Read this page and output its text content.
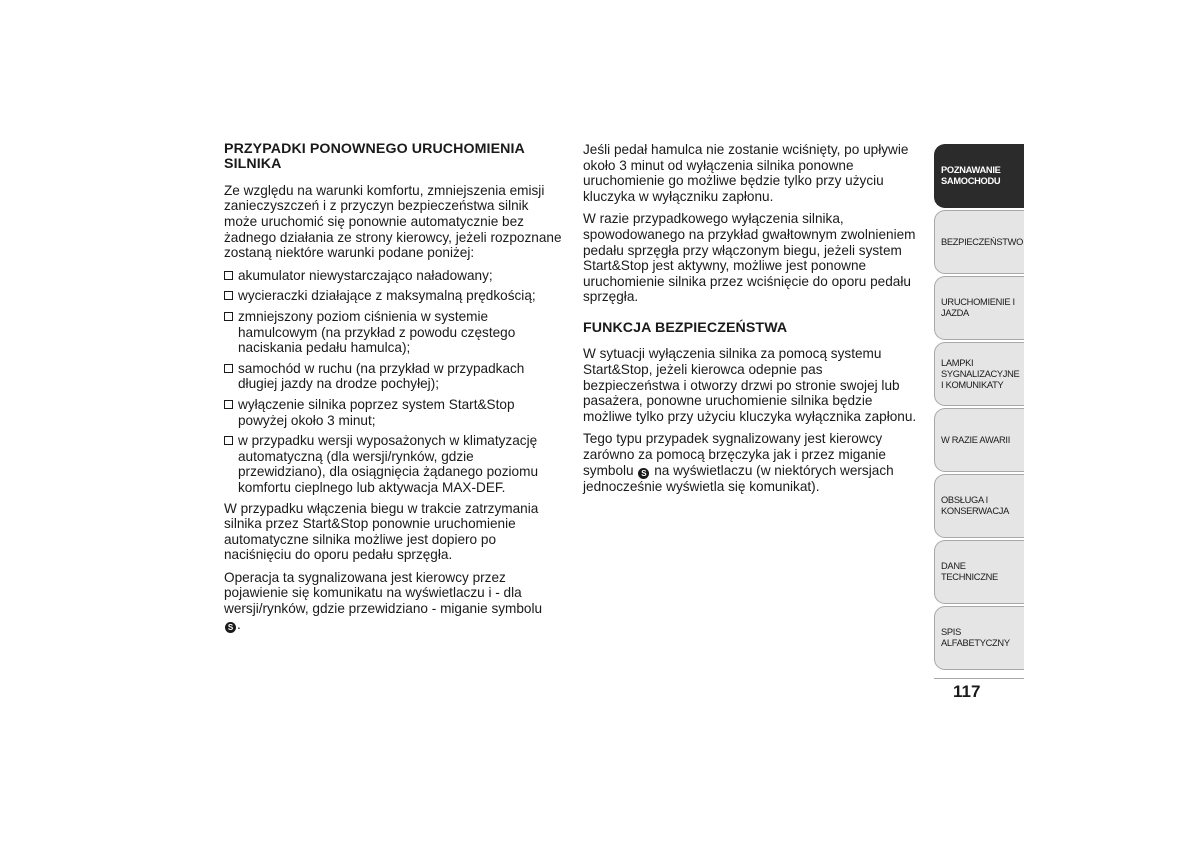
PRZYPADKI PONOWNEGO URUCHOMIENIA SILNIKA

Ze względu na warunki komfortu, zmniejszenia emisji zanieczyszczeń i z przyczyn bezpieczeństwa silnik może uruchomić się ponownie automatycznie bez żadnego działania ze strony kierowcy, jeżeli rozpoznane zostaną niektóre warunki podane poniżej:

akumulator niewystarczająco naładowany;
wycieraczki działające z maksymalną prędkością;
zmniejszony poziom ciśnienia w systemie hamulcowym (na przykład z powodu częstego naciskania pedału hamulca);
samochód w ruchu (na przykład w przypadkach długiej jazdy na drodze pochyłej);
wyłączenie silnika poprzez system Start&Stop powyżej około 3 minut;
w przypadku wersji wyposażonych w klimatyzację automatyczną (dla wersji/rynków, gdzie przewidziano), dla osiągnięcia żądanego poziomu komfortu cieplnego lub aktywacja MAX-DEF.

W przypadku włączenia biegu w trakcie zatrzymania silnika przez Start&Stop ponownie uruchomienie automatyczne silnika możliwe jest dopiero po naciśnięciu do oporu pedału sprzęgła.

Operacja ta sygnalizowana jest kierowcy przez pojawienie się komunikatu na wyświetlaczu i - dla wersji/rynków, gdzie przewidziano - miganie symbolu
S .

Jeśli pedał hamulca nie zostanie wciśnięty, po upływie około 3 minut od wyłączenia silnika ponowne uruchomienie go możliwe będzie tylko przy użyciu kluczyka w wyłączniku zapłonu.

W razie przypadkowego wyłączenia silnika, spowodowanego na przykład gwałtownym zwolnieniem pedału sprzęgła przy włączonym biegu, jeżeli system Start&Stop jest aktywny, możliwe jest ponowne uruchomienie silnika przez wciśnięcie do oporu pedału sprzęgła.

FUNKCJA BEZPIECZEŃSTWA

W sytuacji wyłączenia silnika za pomocą systemu Start&Stop, jeżeli kierowca odepnie pas bezpieczeństwa i otworzy drzwi po stronie swojej lub pasażera, ponowne uruchomienie silnika będzie możliwe tylko przy użyciu kluczyka wyłącznika zapłonu.

Tego typu przypadek sygnalizowany jest kierowcy zarówno za pomocą brzęczyka jak i przez miganie symbolu S na wyświetlaczu (w niektórych wersjach jednocześnie wyświetla się komunikat).

POZNAWANIE SAMOCHODU
BEZPIECZEŃSTWO
URUCHOMIENIE I JAZDA
LAMPKI SYGNALIZACYJNE I KOMUNIKATY
W RAZIE AWARII
OBSŁUGA I KONSERWACJA
DANE TECHNICZNE
SPIS ALFABETYCZNY
117
